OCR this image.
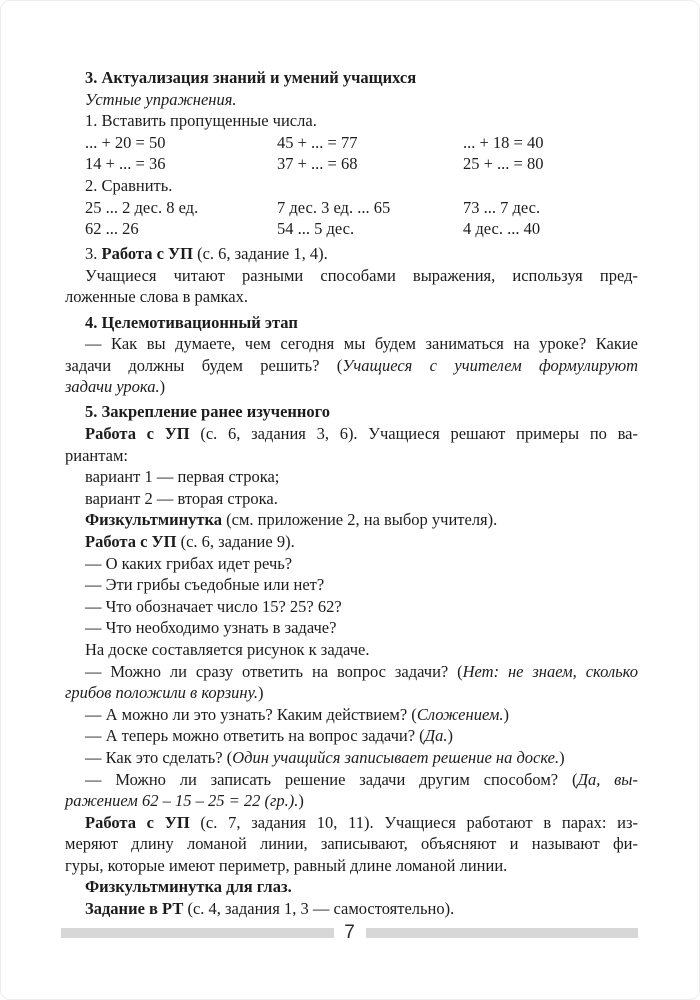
3. Актуализация знаний и умений учащихся
Устные упражнения.
1. Вставить пропущенные числа.
... + 20 = 50	45 + ... = 77	... + 18 = 40
14 + ... = 36	37 + ... = 68	25 + ... = 80
2. Сравнить.
25 ... 2 дес. 8 ед.	7 дес. 3 ед. ... 65	73 ... 7 дес.
62 ... 26	54 ... 5 дес.	4 дес. ... 40
3. Работа с УП (с. 6, задание 1, 4).
Учащиеся читают разными способами выражения, используя пред-
ложенные слова в рамках.
4. Целемотивационный этап
— Как вы думаете, чем сегодня мы будем заниматься на уроке? Какие
задачи должны будем решить? (Учащиеся с учителем формулируют
задачи урока.)
5. Закрепление ранее изученного
Работа с УП (с. 6, задания 3, 6). Учащиеся решают примеры по ва-
риантам:
вариант 1 — первая строка;
вариант 2 — вторая строка.
Физкультминутка (см. приложение 2, на выбор учителя).
Работа с УП (с. 6, задание 9).
— О каких грибах идет речь?
— Эти грибы съедобные или нет?
— Что обозначает число 15? 25? 62?
— Что необходимо узнать в задаче?
На доске составляется рисунок к задаче.
— Можно ли сразу ответить на вопрос задачи? (Нет: не знаем, сколько
грибов положили в корзину.)
— А можно ли это узнать? Каким действием? (Сложением.)
— А теперь можно ответить на вопрос задачи? (Да.)
— Как это сделать? (Один учащийся записывает решение на доске.)
— Можно ли записать решение задачи другим способом? (Да, вы-
ражением 62 – 15 – 25 = 22 (гр.).)
Работа с УП (с. 7, задания 10, 11). Учащиеся работают в парах: из-
меряют длину ломаной линии, записывают, объясняют и называют фи-
гуры, которые имеют периметр, равный длине ломаной линии.
Физкультминутка для глаз.
Задание в РТ (с. 4, задания 1, 3 — самостоятельно).
7
